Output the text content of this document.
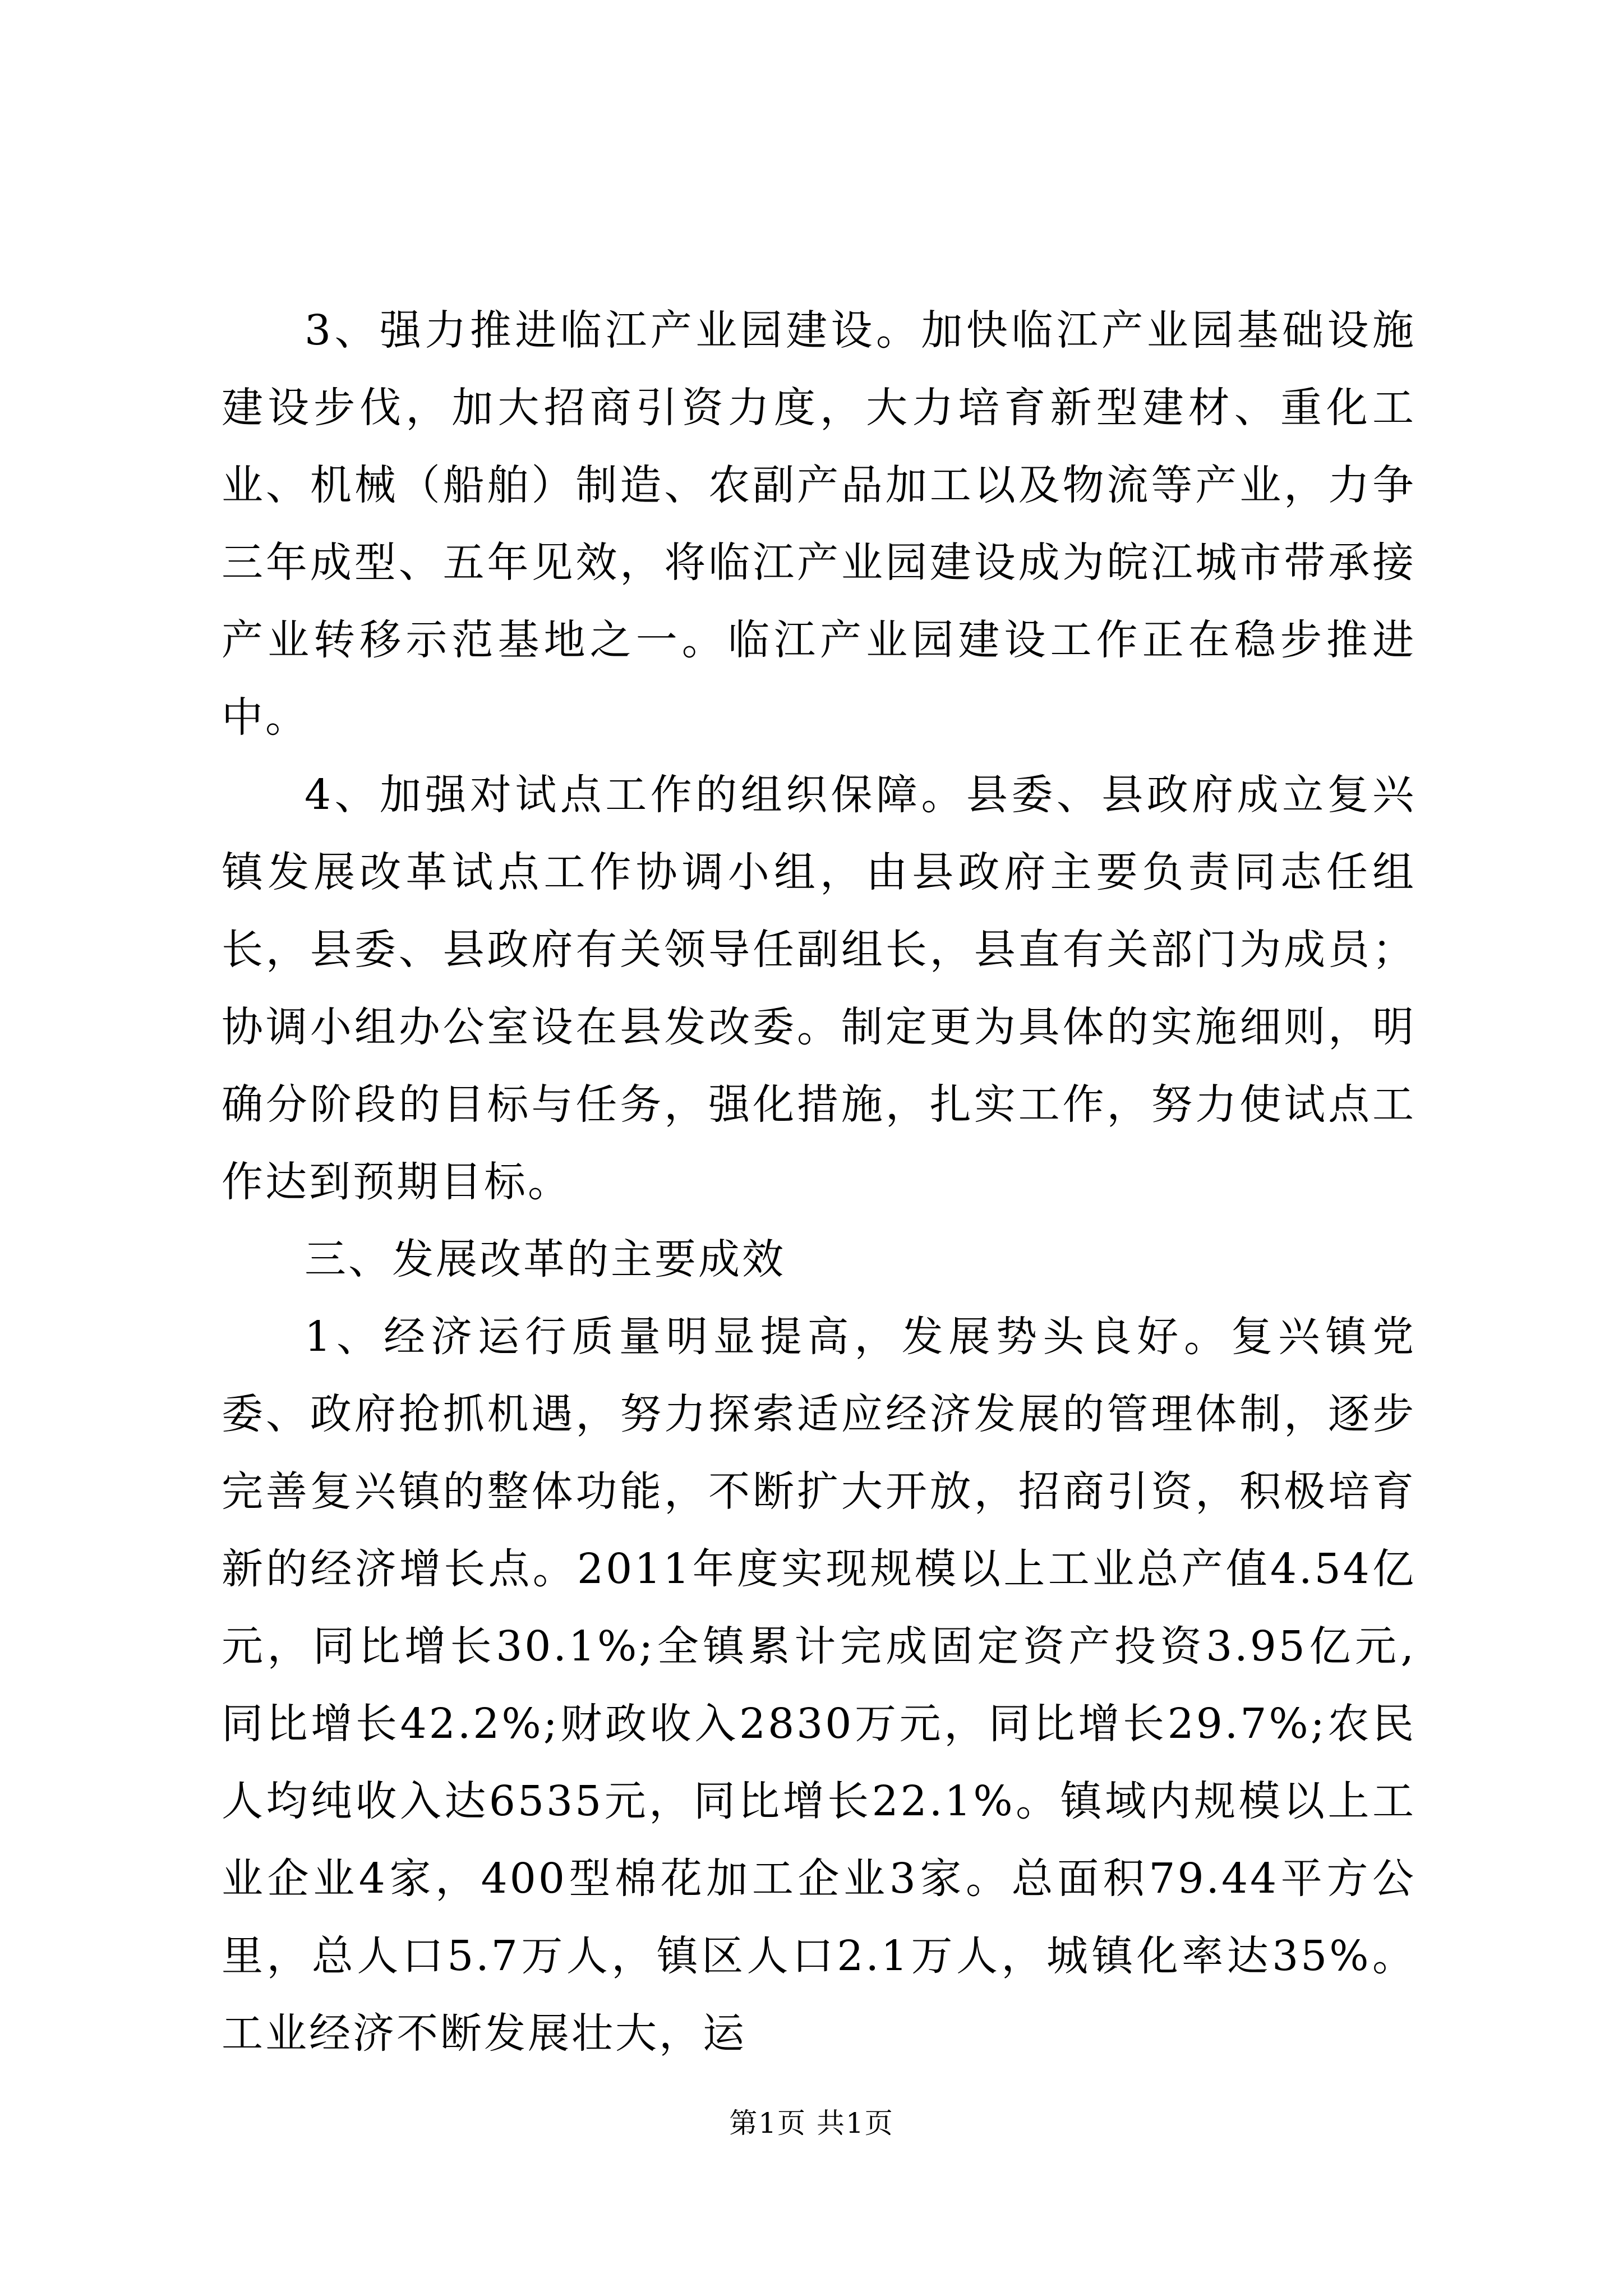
3、强力推进临江产业园建设。加快临江产业园基础设施建设步伐，加大招商引资力度，大力培育新型建材、重化工业、机械（船舶）制造、农副产品加工以及物流等产业，力争三年成型、五年见效，将临江产业园建设成为皖江城市带承接产业转移示范基地之一。临江产业园建设工作正在稳步推进中。

4、加强对试点工作的组织保障。县委、县政府成立复兴镇发展改革试点工作协调小组，由县政府主要负责同志任组长，县委、县政府有关领导任副组长，县直有关部门为成员；协调小组办公室设在县发改委。制定更为具体的实施细则，明确分阶段的目标与任务，强化措施，扎实工作，努力使试点工作达到预期目标。

三、发展改革的主要成效

1、经济运行质量明显提高，发展势头良好。复兴镇党委、政府抢抓机遇，努力探索适应经济发展的管理体制，逐步完善复兴镇的整体功能，不断扩大开放，招商引资，积极培育新的经济增长点。2011年度实现规模以上工业总产值4.54亿元，同比增长30.1%;全镇累计完成固定资产投资3.95亿元,同比增长42.2%;财政收入2830万元，同比增长29.7%;农民人均纯收入达6535元，同比增长22.1%。镇域内规模以上工业企业4家，400型棉花加工企业3家。总面积79.44平方公里，总人口5.7万人，镇区人口2.1万人，城镇化率达35%。工业经济不断发展壮大，运

第1页 共1页
